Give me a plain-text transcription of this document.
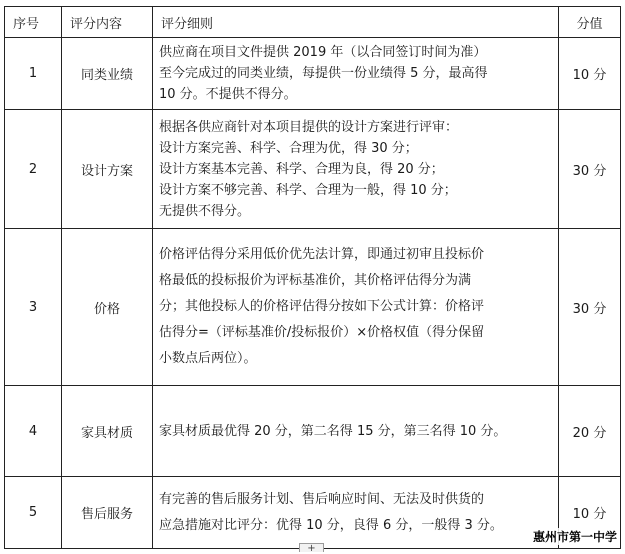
序号	评分内容	评分细则	分值
1	同类业绩	供应商在项目文件提供 2019 年（以合同签订时间为准）
至今完成过的同类业绩，每提供一份业绩得 5 分，最高得
10 分。不提供不得分。	10 分
2	设计方案	根据各供应商针对本项目提供的设计方案进行评审：
设计方案完善、科学、合理为优，得 30 分；
设计方案基本完善、科学、合理为良，得 20 分；
设计方案不够完善、科学、合理为一般，得 10 分；
无提供不得分。	30 分
3	价格	价格评估得分采用低价优先法计算，即通过初审且投标价
格最低的投标报价为评标基准价，其价格评估得分为满
分；其他投标人的价格评估得分按如下公式计算：价格评
估得分=（评标基准价/投标报价）×价格权值（得分保留
小数点后两位）。	30 分
4	家具材质	家具材质最优得 20 分，第二名得 15 分，第三名得 10 分。	20 分
5	售后服务	有完善的售后服务计划、售后响应时间、无法及时供货的
应急措施对比评分：优得 10 分，良得 6 分，一般得 3 分。	10 分
+
惠州市第一中学
